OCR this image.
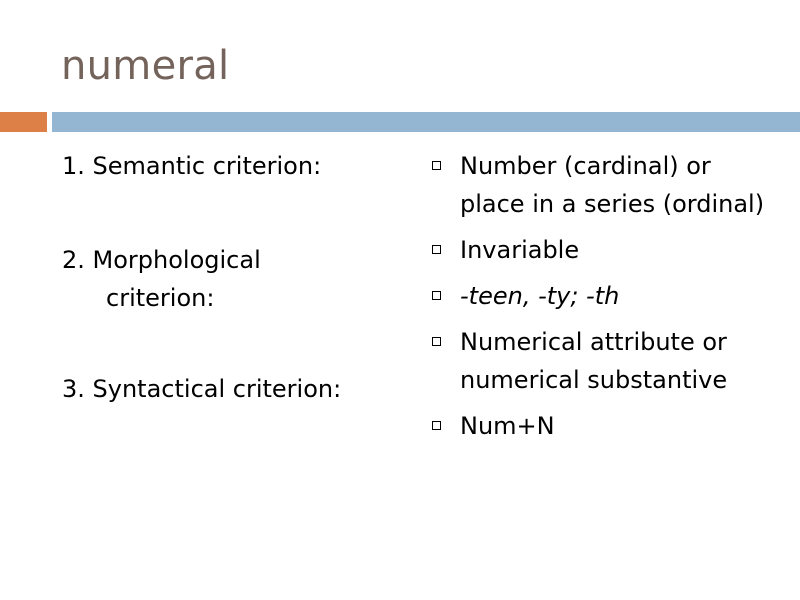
numeral

1. Semantic criterion:

2. Morphological
criterion:

3. Syntactical criterion:

Number (cardinal) or place in a series (ordinal)
Invariable
-teen, -ty; -th
Numerical attribute or numerical substantive
Num+N
